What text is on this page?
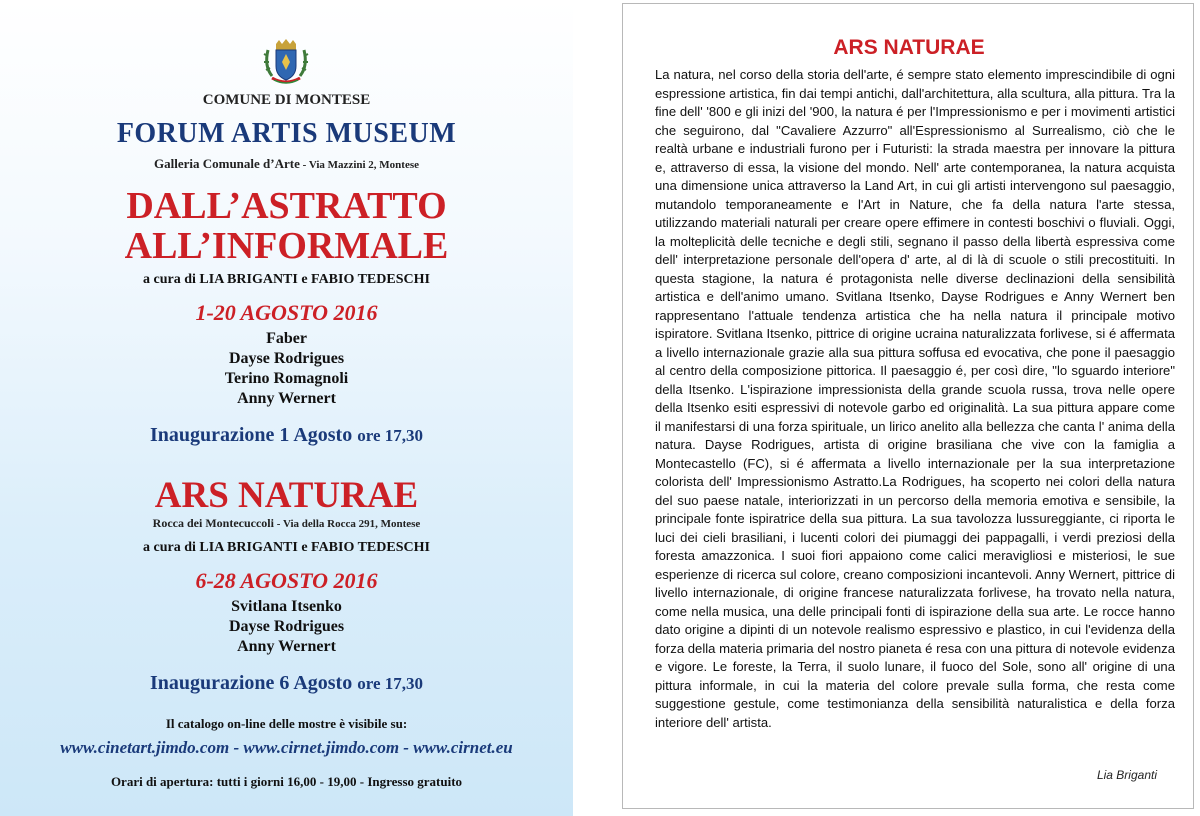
COMUNE DI MONTESE
FORUM ARTIS MUSEUM
Galleria Comunale d’Arte - Via Mazzini 2, Montese
DALL’ASTRATTO
ALL’INFORMALE
a cura di LIA BRIGANTI e FABIO TEDESCHI
1-20 AGOSTO 2016
Faber
Dayse Rodrigues
Terino Romagnoli
Anny Wernert
Inaugurazione 1 Agosto ore 17,30
ARS NATURAE
Rocca dei Montecuccoli - Via della Rocca 291, Montese
a cura di LIA BRIGANTI e FABIO TEDESCHI
6-28 AGOSTO 2016
Svitlana Itsenko
Dayse Rodrigues
Anny Wernert
Inaugurazione 6 Agosto ore 17,30
Il catalogo on-line delle mostre è visibile su:
www.cinetart.jimdo.com - www.cirnet.jimdo.com - www.cirnet.eu
Orari di apertura: tutti i giorni 16,00 - 19,00 - Ingresso gratuito
ARS NATURAE

La natura, nel corso della storia dell'arte, é sempre stato elemento imprescindibile di ogni espressione artistica, fin dai tempi antichi, dall'architettura, alla scultura, alla pittura. Tra la fine dell' '800 e gli inizi del '900, la natura é per l'Impressionismo e per i movimenti artistici che seguirono, dal "Cavaliere Azzurro" all'Espressionismo al Surrealismo, ciò che le realtà urbane e industriali furono per i Futuristi: la strada maestra per innovare la pittura e, attraverso di essa, la visione del mondo. Nell' arte contemporanea, la natura acquista una dimensione unica attraverso la Land Art, in cui gli artisti intervengono sul paesaggio, mutandolo temporaneamente e l'Art in Nature, che fa della natura l'arte stessa, utilizzando materiali naturali per creare opere effimere in contesti boschivi o fluviali. Oggi, la molteplicità delle tecniche e degli stili, segnano il passo della libertà espressiva come dell' interpretazione personale dell'opera d' arte, al di là di scuole o stili precostituiti. In questa stagione, la natura é protagonista nelle diverse declinazioni della sensibilità artistica e dell'animo umano. Svitlana Itsenko, Dayse Rodrigues e Anny Wernert ben rappresentano l'attuale tendenza artistica che ha nella natura il principale motivo ispiratore. Svitlana Itsenko, pittrice di origine ucraina naturalizzata forlivese, si é affermata a livello internazionale grazie alla sua pittura soffusa ed evocativa, che pone il paesaggio al centro della composizione pittorica. Il paesaggio é, per così dire, "lo sguardo interiore" della Itsenko. L'ispirazione impressionista della grande scuola russa, trova nelle opere della Itsenko esiti espressivi di notevole garbo ed originalità. La sua pittura appare come il manifestarsi di una forza spirituale, un lirico anelito alla bellezza che canta l' anima della natura. Dayse Rodrigues, artista di origine brasiliana che vive con la famiglia a Montecastello (FC), si é affermata a livello internazionale per la sua interpretazione colorista dell' Impressionismo Astratto.La Rodrigues, ha scoperto nei colori della natura del suo paese natale, interiorizzati in un percorso della memoria emotiva e sensibile, la principale fonte ispiratrice della sua pittura. La sua tavolozza lussureggiante, ci riporta le luci dei cieli brasiliani, i lucenti colori dei piumaggi dei pappagalli, i verdi preziosi della foresta amazzonica. I suoi fiori appaiono come calici meravigliosi e misteriosi, le sue esperienze di ricerca sul colore, creano composizioni incantevoli. Anny Wernert, pittrice di livello internazionale, di origine francese naturalizzata forlivese, ha trovato nella natura, come nella musica, una delle principali fonti di ispirazione della sua arte. Le rocce hanno dato origine a dipinti di un notevole realismo espressivo e plastico, in cui l'evidenza della forza della materia primaria del nostro pianeta é resa con una pittura di notevole evidenza e vigore. Le foreste, la Terra, il suolo lunare, il fuoco del Sole, sono all' origine di una pittura informale, in cui la materia del colore prevale sulla forma, che resta come suggestione gestule, come testimonianza della sensibilità naturalistica e della forza interiore dell' artista.

Lia Briganti
